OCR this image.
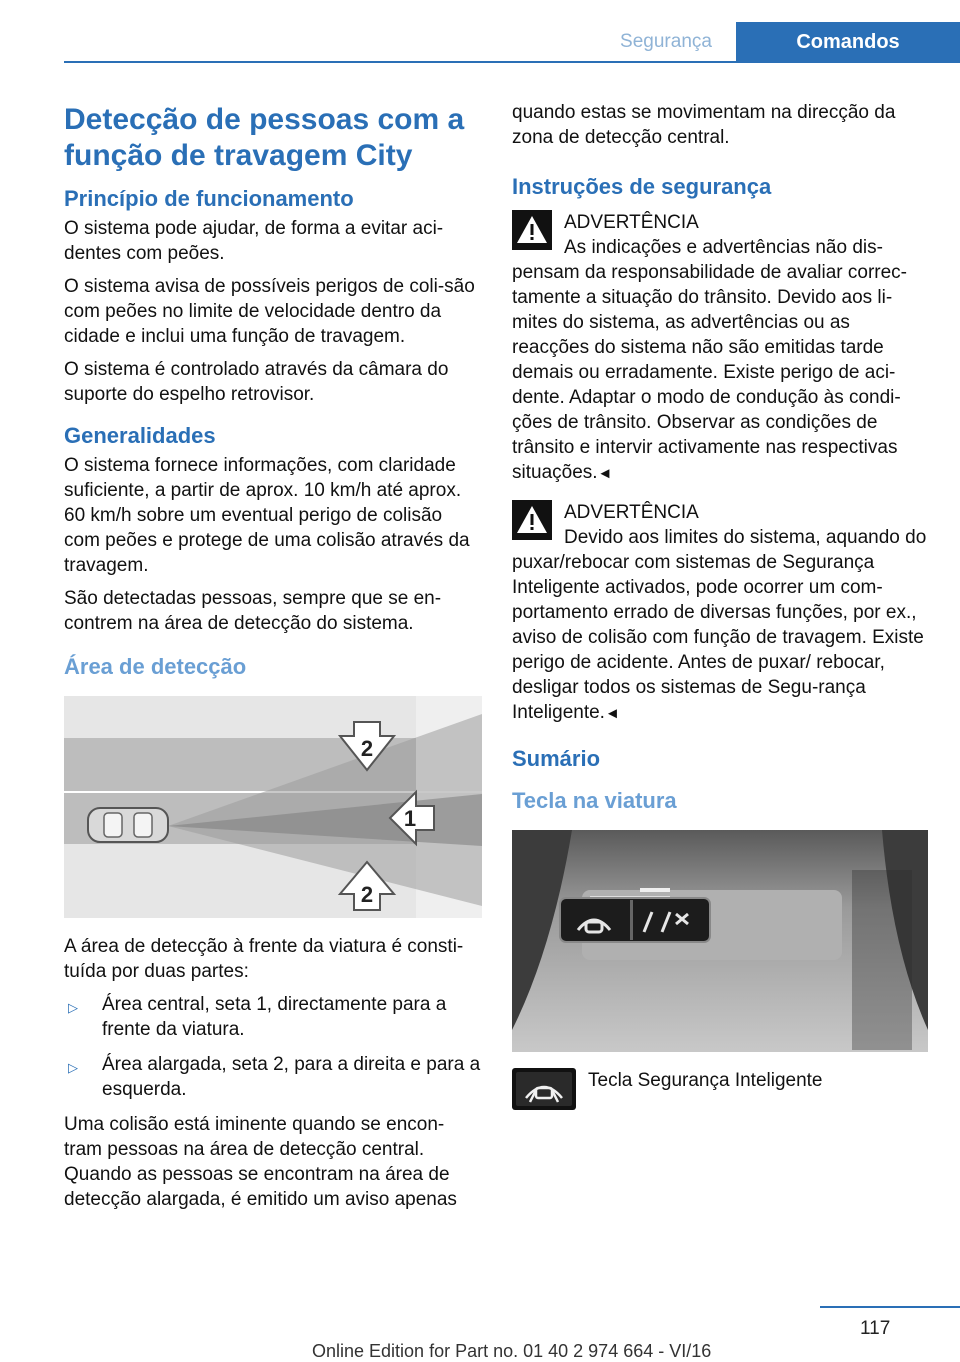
Segurança	Comandos
Detecção de pessoas com a função de travagem City
Princípio de funcionamento

O sistema pode ajudar, de forma a evitar aci-dentes com peões.

O sistema avisa de possíveis perigos de coli-são com peões no limite de velocidade dentro da cidade e inclui uma função de travagem.

O sistema é controlado através da câmara do suporte do espelho retrovisor.

Generalidades

O sistema fornece informações, com claridade suficiente, a partir de aprox. 10 km/h até aprox. 60 km/h sobre um eventual perigo de colisão com peões e protege de uma colisão através da travagem.

São detectadas pessoas, sempre que se en-contrem na área de detecção do sistema.

Área de detecção
2
1
2

A área de detecção à frente da viatura é consti-tuída por duas partes:

▷	Área central, seta 1, directamente para a frente da viatura.
▷	Área alargada, seta 2, para a direita e para a esquerda.

Uma colisão está iminente quando se encon-tram pessoas na área de detecção central. Quando as pessoas se encontram na área de detecção alargada, é emitido um aviso apenas

quando estas se movimentam na direcção da zona de detecção central.

Instruções de segurança
ADVERTÊNCIA
As indicações e advertências não dis-pensam da responsabilidade de avaliar correc-tamente a situação do trânsito. Devido aos li-mites do sistema, as advertências ou as reacções do sistema não são emitidas tarde demais ou erradamente. Existe perigo de aci-dente. Adaptar o modo de condução às condi-ções de trânsito. Observar as condições de trânsito e intervir activamente nas respectivas situações.◄
ADVERTÊNCIA
Devido aos limites do sistema, aquando do puxar/rebocar com sistemas de Segurança Inteligente activados, pode ocorrer um com-portamento errado de diversas funções, por ex., aviso de colisão com função de travagem. Existe perigo de acidente. Antes de puxar/ rebocar, desligar todos os sistemas de Segu-rança Inteligente.◄
Sumário
Tecla na viatura
Tecla Segurança Inteligente
117
Online Edition for Part no. 01 40 2 974 664 - VI/16
